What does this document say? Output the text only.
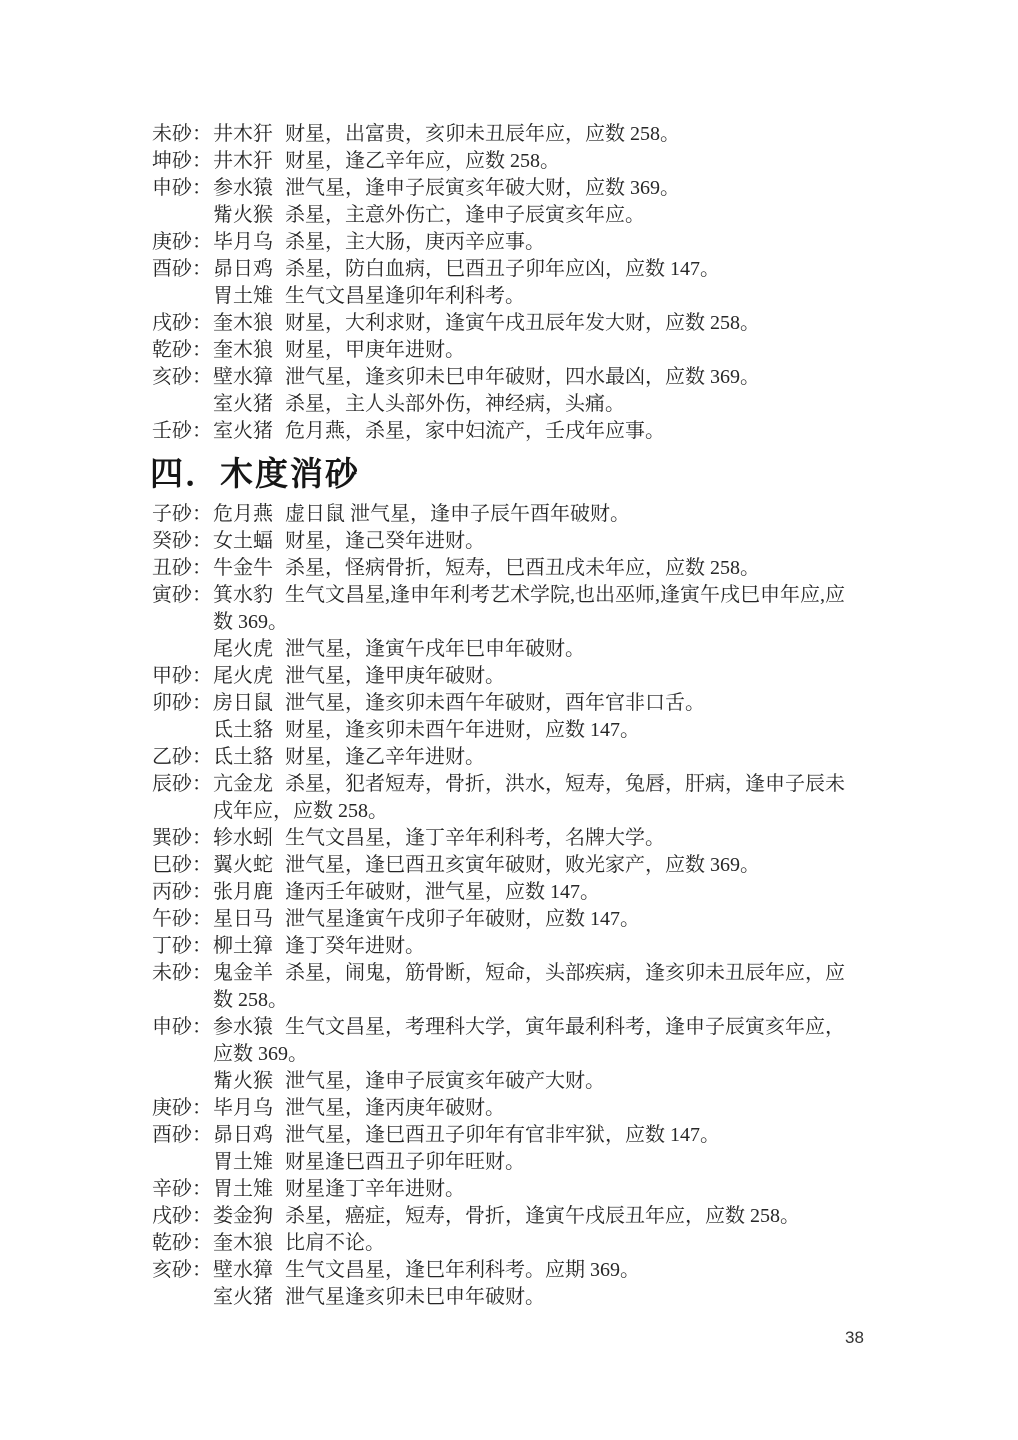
未砂： 井木犴 财星，出富贵，亥卯未丑辰年应，应数 258。
坤砂： 井木犴 财星，逢乙辛年应，应数 258。
申砂： 参水猿 泄气星，逢申子辰寅亥年破大财，应数 369。
觜火猴 杀星，主意外伤亡，逢申子辰寅亥年应。
庚砂： 毕月乌 杀星，主大肠，庚丙辛应事。
酉砂： 昴日鸡 杀星，防白血病，巳酉丑子卯年应凶，应数 147。
胃土雉 生气文昌星逢卯年利科考。
戌砂： 奎木狼 财星，大利求财，逢寅午戌丑辰年发大财，应数 258。
乾砂： 奎木狼 财星，甲庚年进财。
亥砂： 壁水獐 泄气星，逢亥卯未巳申年破财，四水最凶，应数 369。
室火猪 杀星，主人头部外伤，神经病，头痛。
壬砂： 室火猪 危月燕，杀星，家中妇流产，壬戌年应事。
四．木度消砂
子砂： 危月燕 虚日鼠 泄气星，逢申子辰午酉年破财。
癸砂： 女土蝠 财星，逢己癸年进财。
丑砂： 牛金牛 杀星，怪病骨折，短寿，巳酉丑戌未年应，应数 258。
寅砂： 箕水豹 生气文昌星,逢申年利考艺术学院,也出巫师,逢寅午戌巳申年应,应数 369。
尾火虎 泄气星，逢寅午戌年巳申年破财。
甲砂： 尾火虎 泄气星，逢甲庚年破财。
卯砂： 房日鼠 泄气星，逢亥卯未酉午年破财，酉年官非口舌。
氐土貉 财星，逢亥卯未酉午年进财，应数 147。
乙砂： 氐土貉 财星，逢乙辛年进财。
辰砂： 亢金龙 杀星，犯者短寿，骨折，洪水，短寿，兔唇，肝病，逢申子辰未戌年应，应数 258。
巽砂： 轸水蚓 生气文昌星，逢丁辛年利科考，名牌大学。
巳砂： 翼火蛇 泄气星，逢巳酉丑亥寅年破财，败光家产，应数 369。
丙砂： 张月鹿 逢丙壬年破财，泄气星，应数 147。
午砂： 星日马 泄气星逢寅午戌卯子年破财，应数 147。
丁砂： 柳土獐 逢丁癸年进财。
未砂： 鬼金羊 杀星，闹鬼，筋骨断，短命，头部疾病，逢亥卯未丑辰年应，应数 258。
申砂： 参水猿 生气文昌星，考理科大学，寅年最利科考，逢申子辰寅亥年应，应数 369。
觜火猴 泄气星，逢申子辰寅亥年破产大财。
庚砂： 毕月乌 泄气星，逢丙庚年破财。
酉砂： 昴日鸡 泄气星，逢巳酉丑子卯年有官非牢狱，应数 147。
胃土雉 财星逢巳酉丑子卯年旺财。
辛砂： 胃土雉 财星逢丁辛年进财。
戌砂： 娄金狗 杀星，癌症，短寿，骨折，逢寅午戌辰丑年应，应数 258。
乾砂： 奎木狼 比肩不论。
亥砂： 壁水獐 生气文昌星，逢巳年利科考。应期 369。
室火猪 泄气星逢亥卯未巳申年破财。
38
